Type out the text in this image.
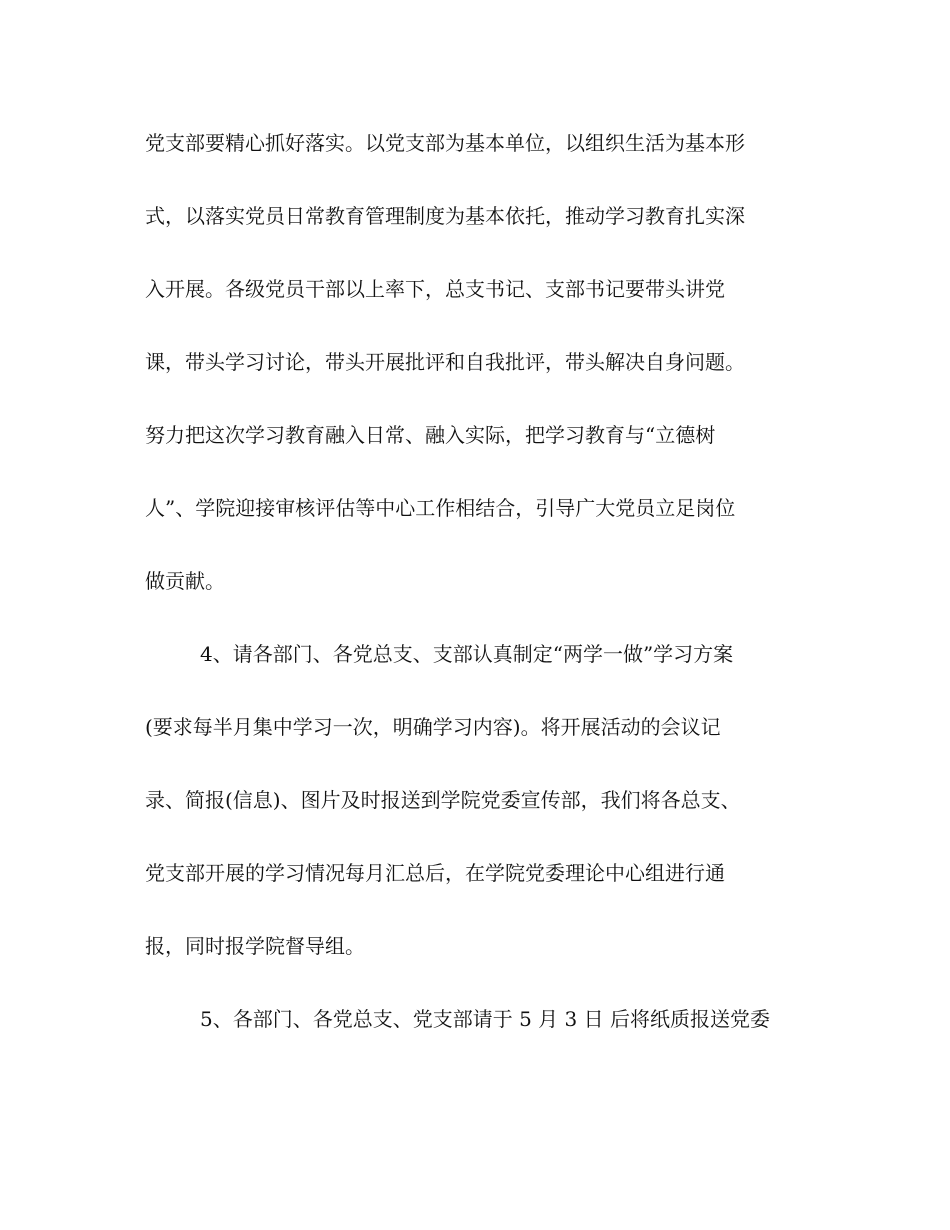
党支部要精心抓好落实。以党支部为基本单位，以组织生活为基本形
式，以落实党员日常教育管理制度为基本依托，推动学习教育扎实深
入开展。各级党员干部以上率下，总支书记、支部书记要带头讲党
课，带头学习讨论，带头开展批评和自我批评，带头解决自身问题。
努力把这次学习教育融入日常、融入实际，把学习教育与“立德树
人”、学院迎接审核评估等中心工作相结合，引导广大党员立足岗位
做贡献。
4、请各部门、各党总支、支部认真制定“两学一做”学习方案
(要求每半月集中学习一次，明确学习内容)。将开展活动的会议记
录、简报(信息)、图片及时报送到学院党委宣传部，我们将各总支、
党支部开展的学习情况每月汇总后，在学院党委理论中心组进行通
报，同时报学院督导组。
5、各部门、各党总支、党支部请于 5 月 3 日 后将纸质报送党委
